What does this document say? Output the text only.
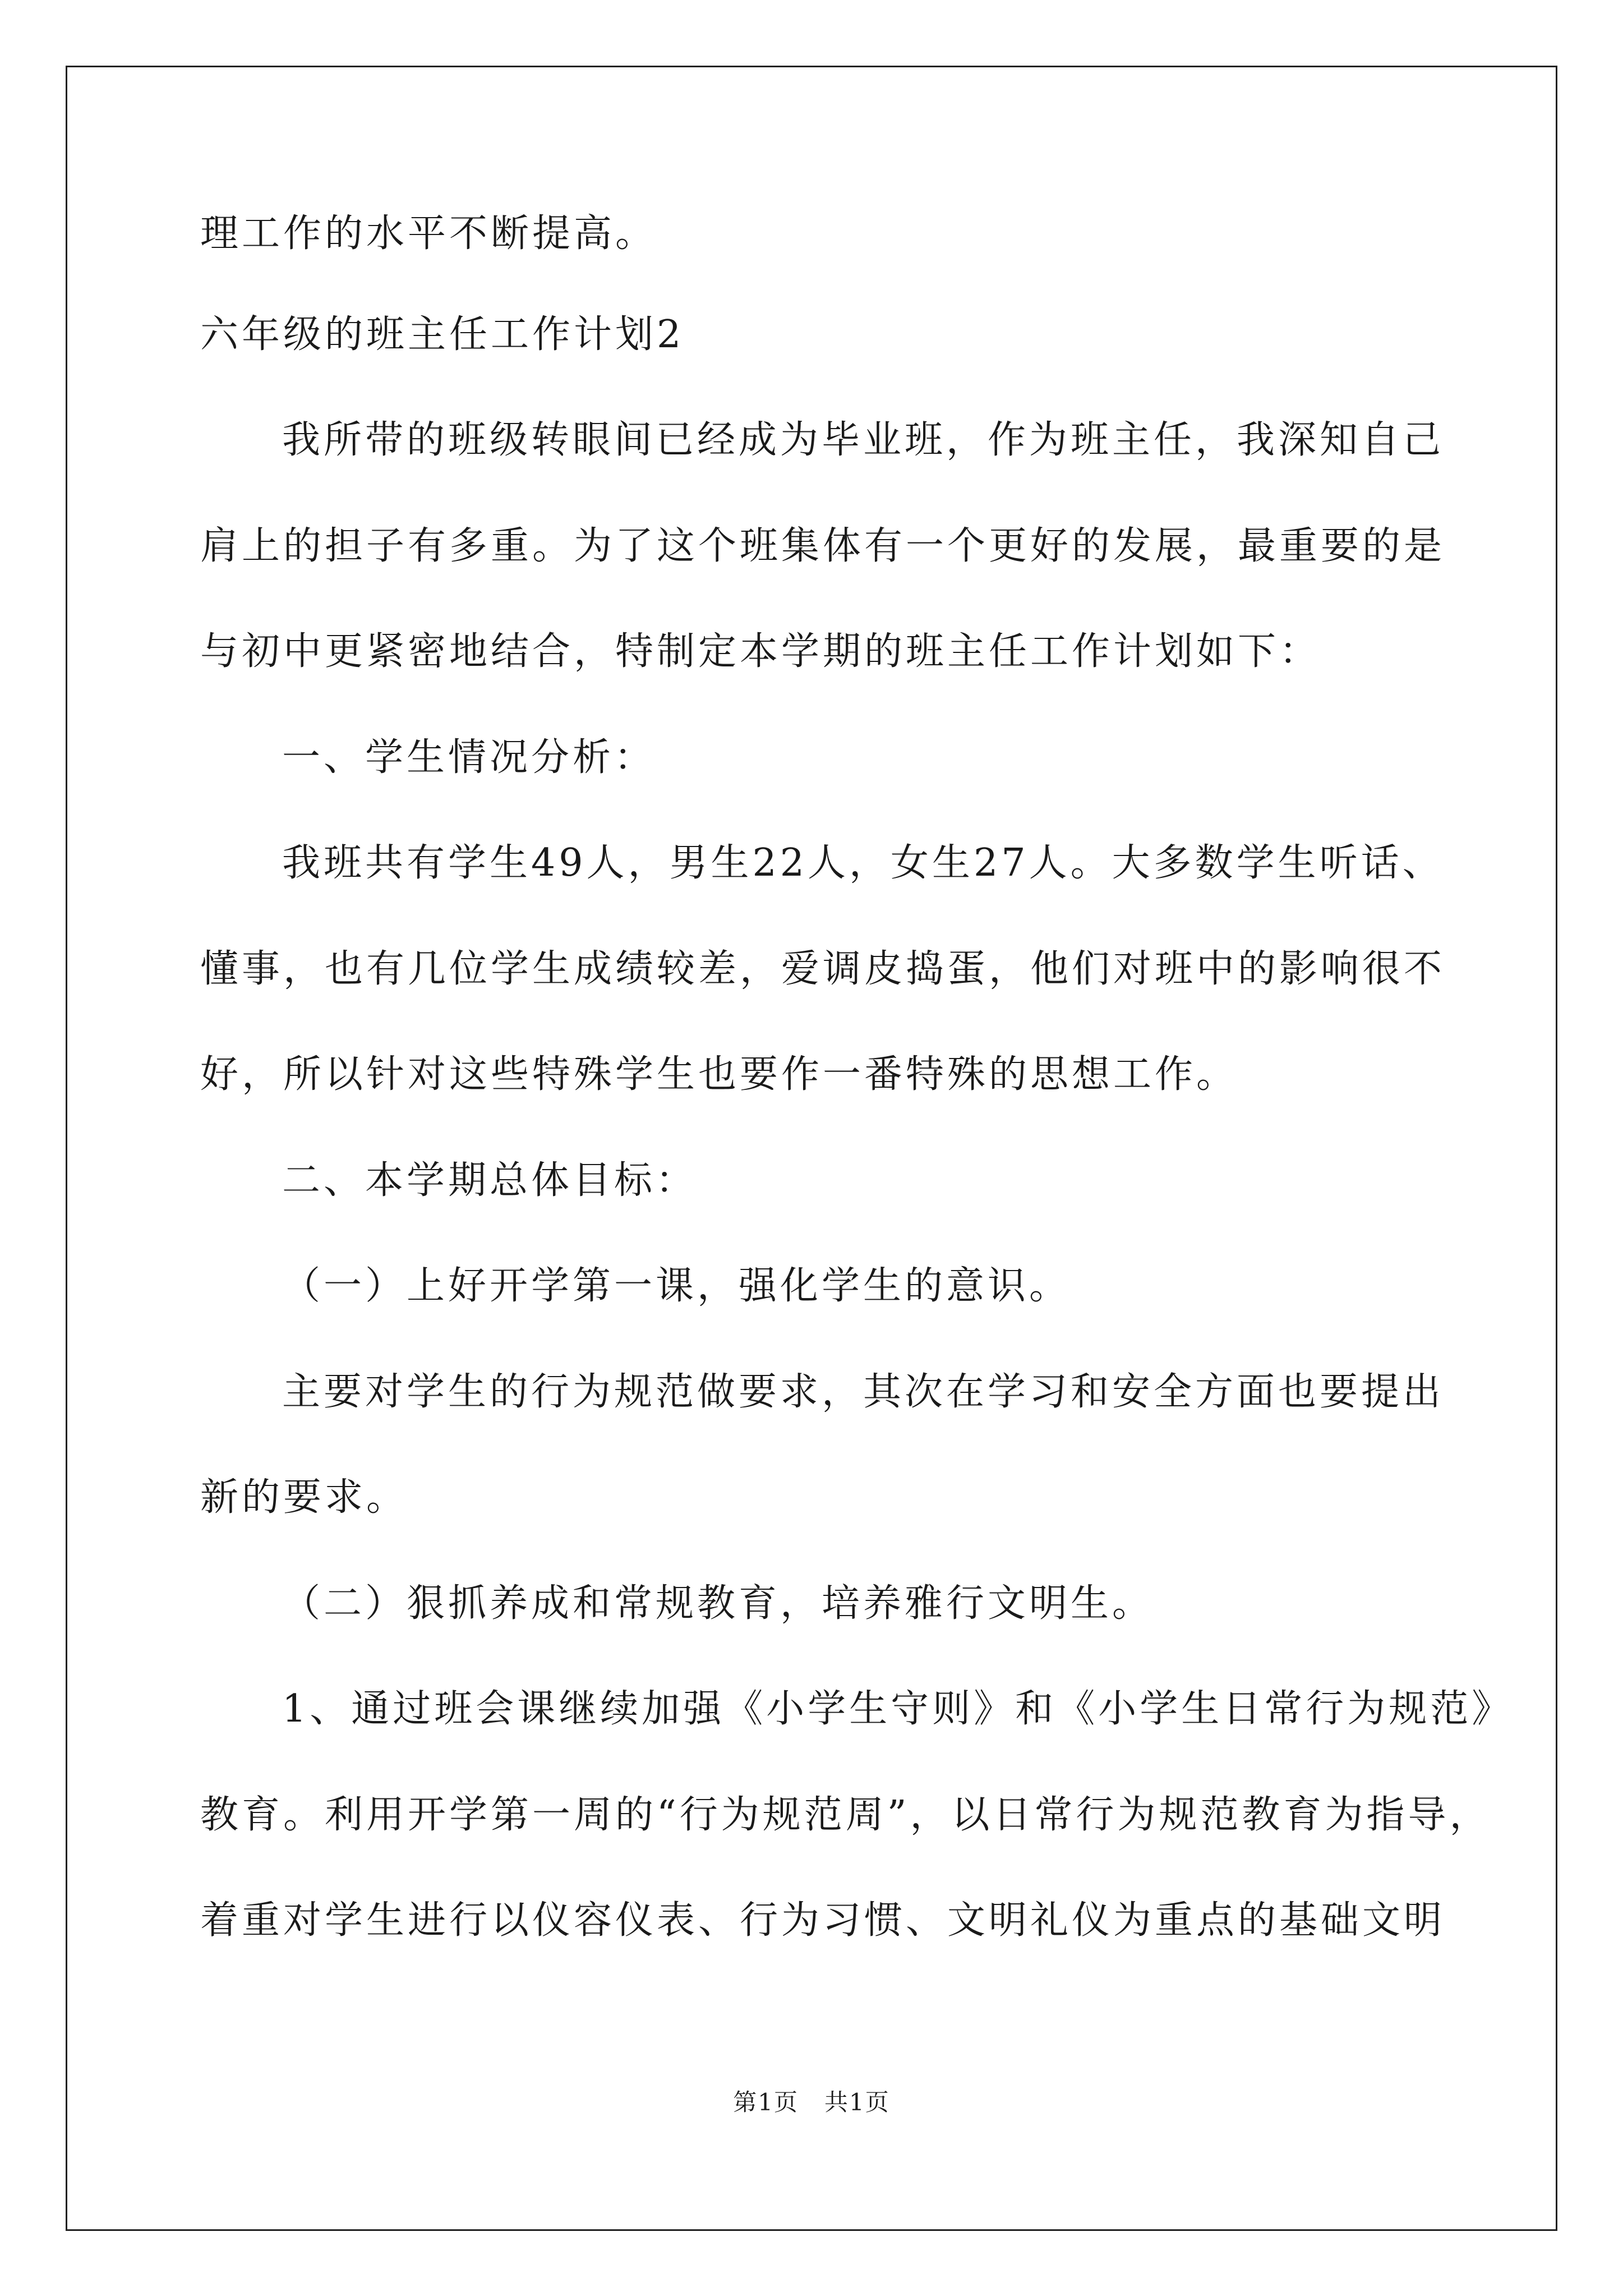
理工作的水平不断提高。
六年级的班主任工作计划2
我所带的班级转眼间已经成为毕业班，作为班主任，我深知自己
肩上的担子有多重。为了这个班集体有一个更好的发展，最重要的是
与初中更紧密地结合，特制定本学期的班主任工作计划如下：
一、学生情况分析：
我班共有学生49人，男生22人，女生27人。大多数学生听话、
懂事，也有几位学生成绩较差，爱调皮捣蛋，他们对班中的影响很不
好，所以针对这些特殊学生也要作一番特殊的思想工作。
二、本学期总体目标：
（一）上好开学第一课，强化学生的意识。
主要对学生的行为规范做要求，其次在学习和安全方面也要提出
新的要求。
（二）狠抓养成和常规教育，培养雅行文明生。
1、通过班会课继续加强《小学生守则》和《小学生日常行为规范》
教育。利用开学第一周的“行为规范周”，以日常行为规范教育为指导，
着重对学生进行以仪容仪表、行为习惯、文明礼仪为重点的基础文明
第1页   共1页
